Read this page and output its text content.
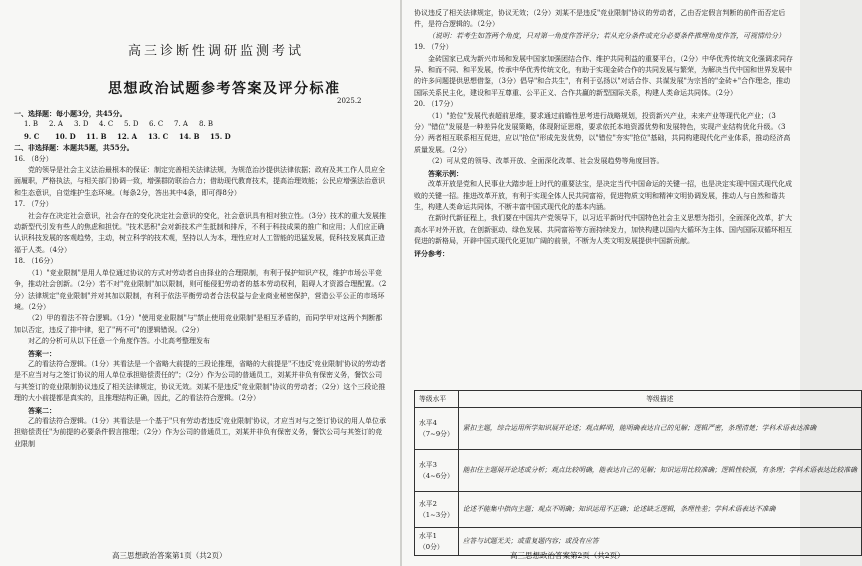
高三诊断性调研监测考试
思想政治试题参考答案及评分标准
2025.2

一、选择题：每小题3分，共45分。

1. B 2. A 3. D 4. C 5. D 6. C 7. A 8. B

9. C 10. D 11. B 12. A 13. C 14. B 15. D

二、非选择题：本题共5题，共55分。

16. （8分）

党的领导是社会主义法治最根本的保证：制定完善相关法律法规，为规范治沙提供法律依据；政府及其工作人员应全面履职，严格执法，与相关部门协调一致，增强群防联治合力；借助现代教育技术，提高治理效能；公民应增强法治意识和生态意识，自觉维护生态环境。（每条2分，答出其中4条，即可得8分）

17. （7分）

社会存在决定社会意识，社会存在的变化决定社会意识的变化，社会意识具有相对独立性。（3分）技术的重大发展推动新型代引发有些人的焦虑和担忧。"技术恶积"会对新技术产生抵制和排斥，不利于科技成果的推广和应用；人们应正确认识科技发展的客观趋势，主动，树立科学的技术观，坚持以人为本，理性应对人工智能的迅猛发展，促科技发展真正造福于人类。（4分）

18. （16分）

（1）"竞业限制"是用人单位通过协议的方式对劳动者自由择业的合理限制，有利于保护知识产权，维护市场公平竞争，推动社会创新。（2分）若不对"竞业限制"加以限制，则可能侵犯劳动者的基本劳动权利，阻碍人才资源合理配置。（2分）法律规定"竞业限制"并对其加以限制，有利于依法平衡劳动者合法权益与企业商业秘密保护，营造公平公正的市场环境。（2分）

（2）甲的看法不符合逻辑。（1分）"使用竞业限制"与"禁止使用竞业限制"是相互矛盾的，而同学甲对这两个判断都加以否定，违反了排中律，犯了"两不可"的逻辑错误。（2分）

对乙的分析可从以下任意一个角度作答。小北高考整理发布

答案一：

乙的看法符合逻辑。（1分）其看法是一个省略大前提的三段论推理，省略的大前提是"不违反'竞业限制'协议的劳动者是不应当对与之签订协议的用人单位承担赔偿责任的"；（2分）作为公司的普通员工，刘某并非负有保密义务，餐饮公司与其签订的竞业限制协议违反了相关法律规定，协议无效。刘某不是违反"竞业限制"协议的劳动者；（2分）这个三段论推理的大小前提都是真实的，且推理结构正确，因此，乙的看法符合逻辑。（2分）

答案二：

乙的看法符合逻辑。（1分）其看法是一个基于"只有劳动者违反'竞业限制'协议，才应当对与之签订协议的用人单位承担赔偿责任"为前提的必要条件假言推理；（2分）作为公司的普通员工，刘某并非负有保密义务，餐饮公司与其签订的竞业限制

高三思想政治答案第1页（共2页）

协议违反了相关法律规定，协议无效；（2分）刘某不是违反"竞业限制"协议的劳动者，乙由否定假言判断的前件而否定后件，是符合逻辑的。（2分）

（说明：若考生如答两个角度，只对第一角度作答评分；若从充分条件或充分必要条件推理角度作答，可视情给分）

19. （7分）

金砖国家已成为新兴市场和发展中国家加强团结合作、维护共同利益的重要平台，（2分）中华优秀传统文化强调求同存异、和而不同、和平发展，传承中华优秀传统文化，有助于实现金砖合作的共同发展与繁荣，为解决当代中国和世界发展中的许多问题提供思想借鉴，（3分）倡导"和合共生"，有利于弘扬以"对话合作、共谋发展"为宗旨的"金砖+"合作理念，推动国际关系民主化，建设和平互尊重、公平正义、合作共赢的新型国际关系，构建人类命运共同体。（2分）

20. （17分）

（1）"抢位"发展代表超前思维，要求通过前瞻性思考进行战略规划，投资新兴产业，未来产业等现代化产业；（3分）"错位"发展是一种差异化发展策略，体现附证思维，要求依托本地资源优势和发展特色，实现产业结构优化升级。（3分）两者相互联系相互促进，应以"抢位"形成先发优势，以"错位"夯实"抢位"基础，共同构建现代化产业体系，推动经济高质量发展。（2分）

（2）可从党的领导、改革开放、全面深化改革、社会发展趋势等角度回答。

答案示例：

改革开放是党和人民事业大踏步赶上时代的重要法宝，是决定当代中国命运的关键一招，也是决定实现中国式现代化成败的关键一招。推进改革开放，有利于实现全体人民共同富裕，促进物质文明和精神文明协调发展，推动人与自然和谐共生，构建人类命运共同体，不断丰富中国式现代化的基本内涵。

在新时代新征程上，我们要在中国共产党领导下，以习近平新时代中国特色社会主义思想为指引，全面深化改革，扩大高水平对外开放，在创新驱动、绿色发展、共同富裕等方面持续发力，加快构建以国内大循环为主体、国内国际双循环相互促进的新格局，开辟中国式现代化更加广阔的前景，不断为人类文明发展提供中国新贡献。

评分参考：

等级水平	等级描述
水平4
（7~9分）	紧扣主题，综合运用所学知识展开论述；观点鲜明，能明确表达自己的见解；逻辑严密，条理清楚；学科术语表达准确
水平3
（4~6分）	能扣住主题展开论述或分析；观点比较明确，能表达自己的见解；知识运用比较准确；逻辑性较强，有条理；学科术语表达比较准确
水平2
（1~3分）	论述不能集中指向主题；观点不明确；知识运用不正确；论述缺乏逻辑，条理性差；学科术语表达不准确
水平1
（0分）	应答与试题无关；或重复题内容；或没有应答
高三思想政治答案第2页（共2页）
